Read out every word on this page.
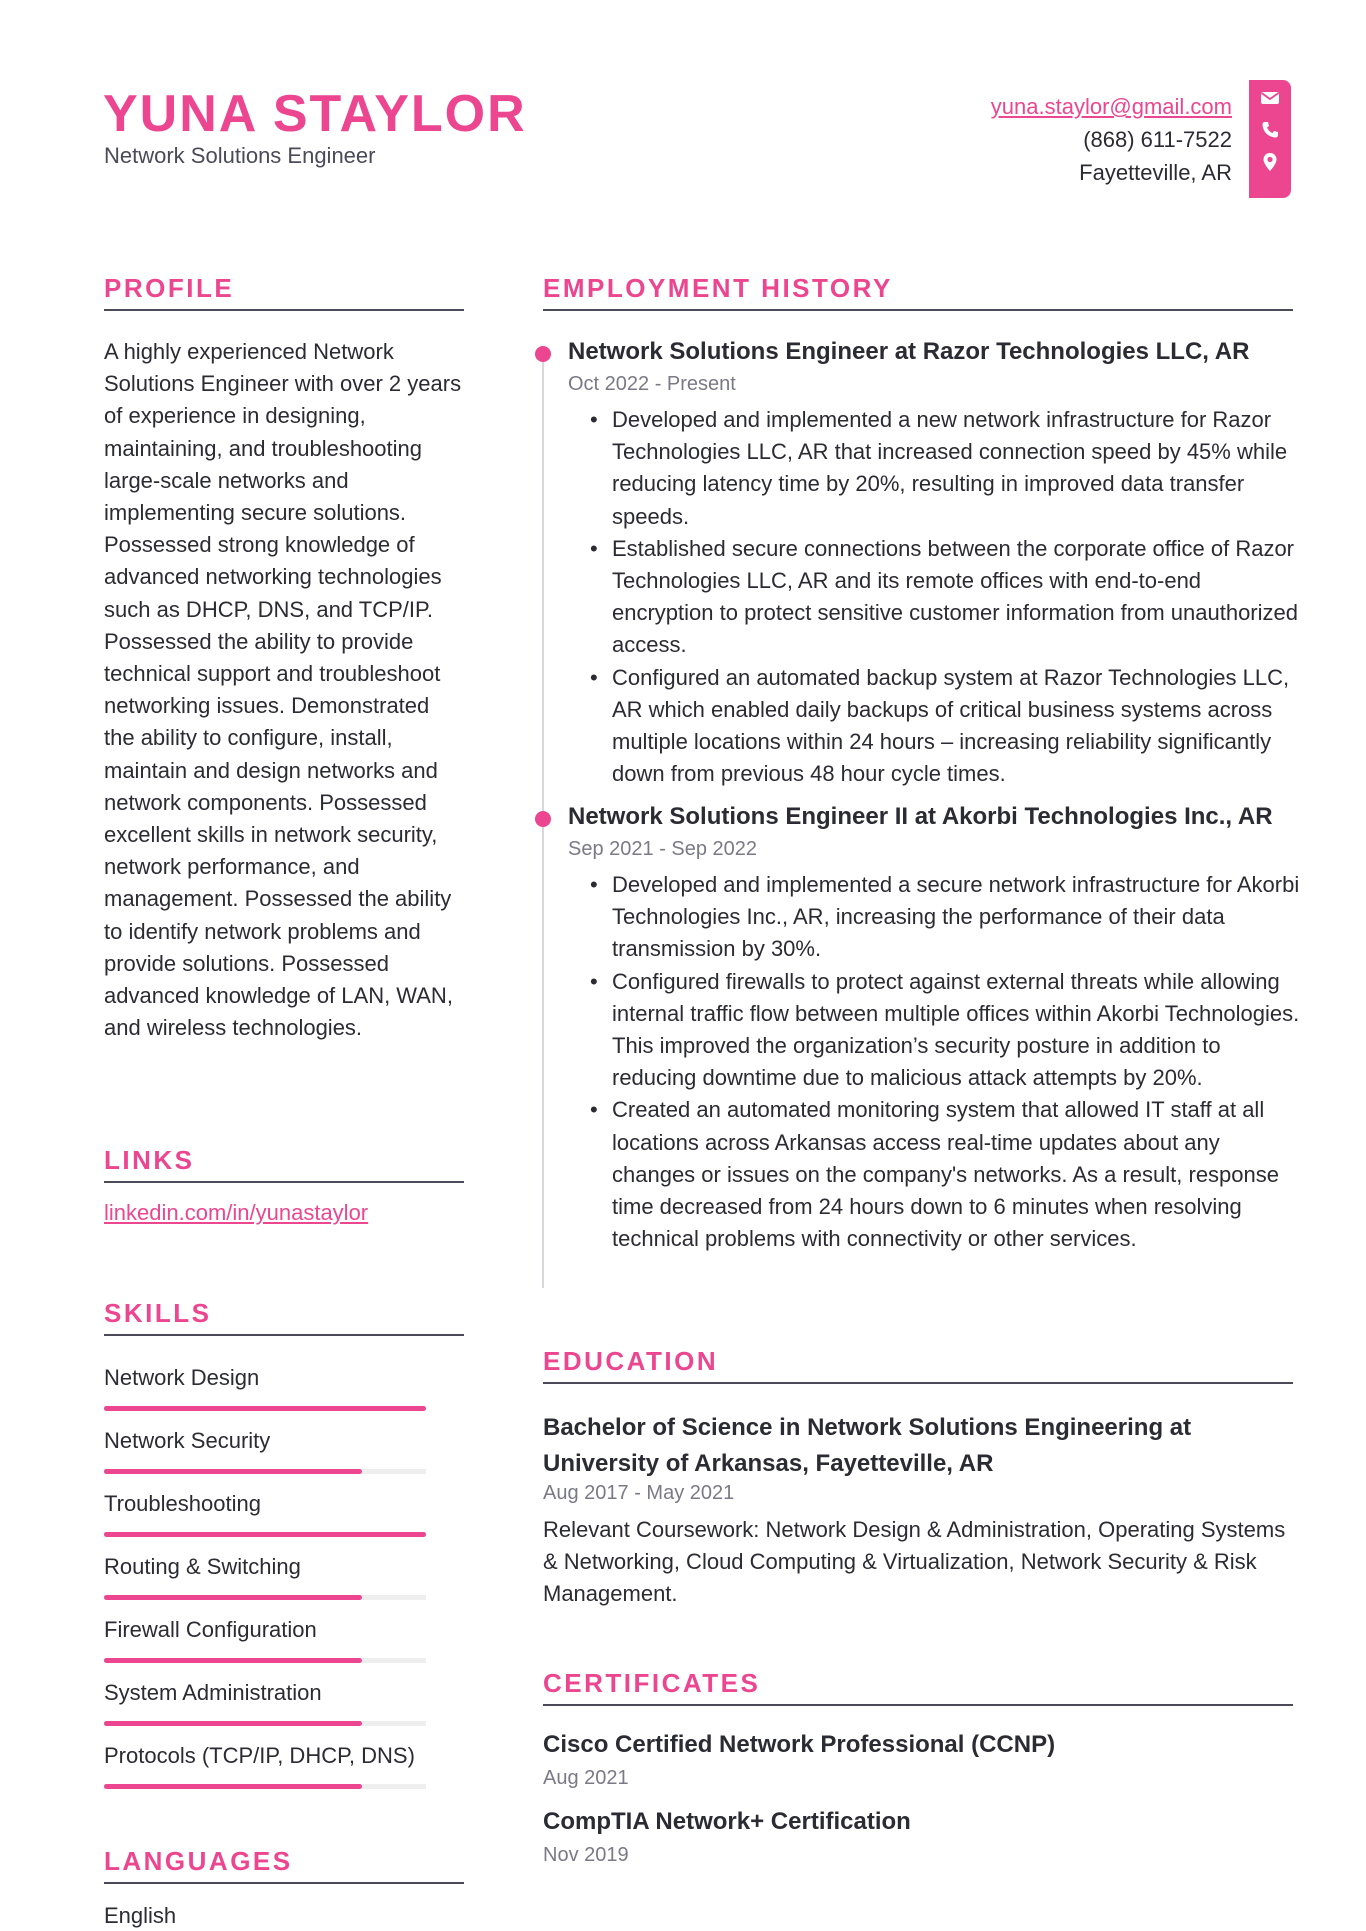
YUNA STAYLOR
Network Solutions Engineer
yuna.staylor@gmail.com
(868) 611-7522
Fayetteville, AR
PROFILE
A highly experienced Network Solutions Engineer with over 2 years of experience in designing, maintaining, and troubleshooting large-scale networks and implementing secure solutions. Possessed strong knowledge of advanced networking technologies such as DHCP, DNS, and TCP/IP. Possessed the ability to provide technical support and troubleshoot networking issues. Demonstrated the ability to configure, install, maintain and design networks and network components. Possessed excellent skills in network security, network performance, and management. Possessed the ability to identify network problems and provide solutions. Possessed advanced knowledge of LAN, WAN, and wireless technologies.
LINKS
linkedin.com/in/yunastaylor
SKILLS
Network Design
Network Security
Troubleshooting
Routing & Switching
Firewall Configuration
System Administration
Protocols (TCP/IP, DHCP, DNS)
LANGUAGES
English
EMPLOYMENT HISTORY
Network Solutions Engineer at Razor Technologies LLC, AR
Oct 2022 - Present
• Developed and implemented a new network infrastructure for Razor Technologies LLC, AR that increased connection speed by 45% while reducing latency time by 20%, resulting in improved data transfer speeds.
• Established secure connections between the corporate office of Razor Technologies LLC, AR and its remote offices with end-to-end encryption to protect sensitive customer information from unauthorized access.
• Configured an automated backup system at Razor Technologies LLC, AR which enabled daily backups of critical business systems across multiple locations within 24 hours – increasing reliability significantly down from previous 48 hour cycle times.
Network Solutions Engineer II at Akorbi Technologies Inc., AR
Sep 2021 - Sep 2022
• Developed and implemented a secure network infrastructure for Akorbi Technologies Inc., AR, increasing the performance of their data transmission by 30%.
• Configured firewalls to protect against external threats while allowing internal traffic flow between multiple offices within Akorbi Technologies. This improved the organization’s security posture in addition to reducing downtime due to malicious attack attempts by 20%.
• Created an automated monitoring system that allowed IT staff at all locations across Arkansas access real-time updates about any changes or issues on the company's networks. As a result, response time decreased from 24 hours down to 6 minutes when resolving technical problems with connectivity or other services.
EDUCATION
Bachelor of Science in Network Solutions Engineering at University of Arkansas, Fayetteville, AR
Aug 2017 - May 2021
Relevant Coursework: Network Design & Administration, Operating Systems & Networking, Cloud Computing & Virtualization, Network Security & Risk Management.
CERTIFICATES
Cisco Certified Network Professional (CCNP)
Aug 2021
CompTIA Network+ Certification
Nov 2019
